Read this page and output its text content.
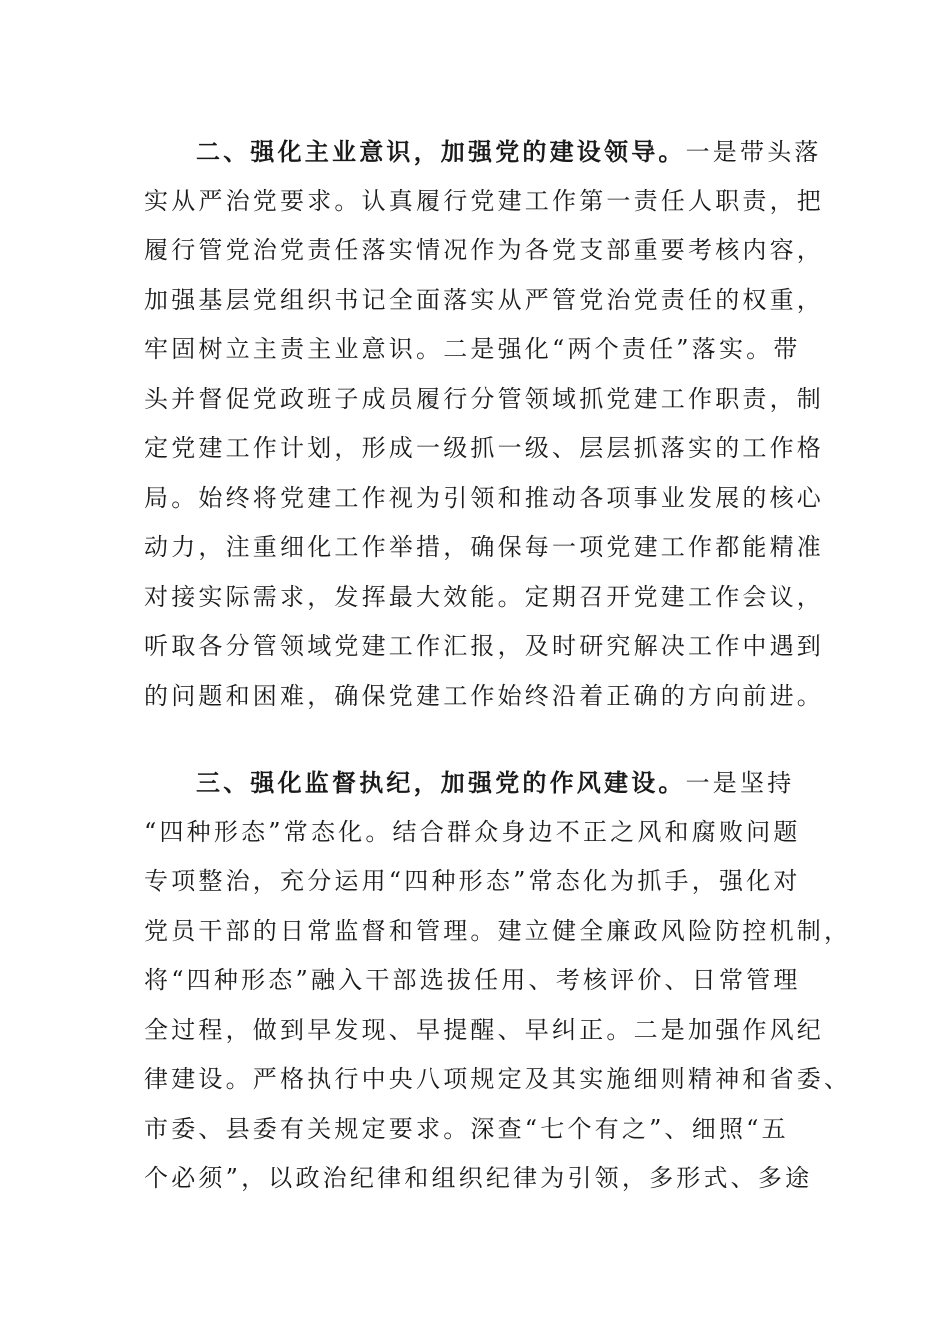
二、强化主业意识，加强党的建设领导。一是带头落
实从严治党要求。认真履行党建工作第一责任人职责，把
履行管党治党责任落实情况作为各党支部重要考核内容，
加强基层党组织书记全面落实从严管党治党责任的权重，
牢固树立主责主业意识。二是强化“两个责任”落实。带
头并督促党政班子成员履行分管领域抓党建工作职责，制
定党建工作计划，形成一级抓一级、层层抓落实的工作格
局。始终将党建工作视为引领和推动各项事业发展的核心
动力，注重细化工作举措，确保每一项党建工作都能精准
对接实际需求，发挥最大效能。定期召开党建工作会议，
听取各分管领域党建工作汇报，及时研究解决工作中遇到
的问题和困难，确保党建工作始终沿着正确的方向前进。
三、强化监督执纪，加强党的作风建设。一是坚持
“四种形态”常态化。结合群众身边不正之风和腐败问题
专项整治，充分运用“四种形态”常态化为抓手，强化对
党员干部的日常监督和管理。建立健全廉政风险防控机制，
将“四种形态”融入干部选拔任用、考核评价、日常管理
全过程，做到早发现、早提醒、早纠正。二是加强作风纪
律建设。严格执行中央八项规定及其实施细则精神和省委、
市委、县委有关规定要求。深查“七个有之”、细照“五
个必须”，以政治纪律和组织纪律为引领，多形式、多途
